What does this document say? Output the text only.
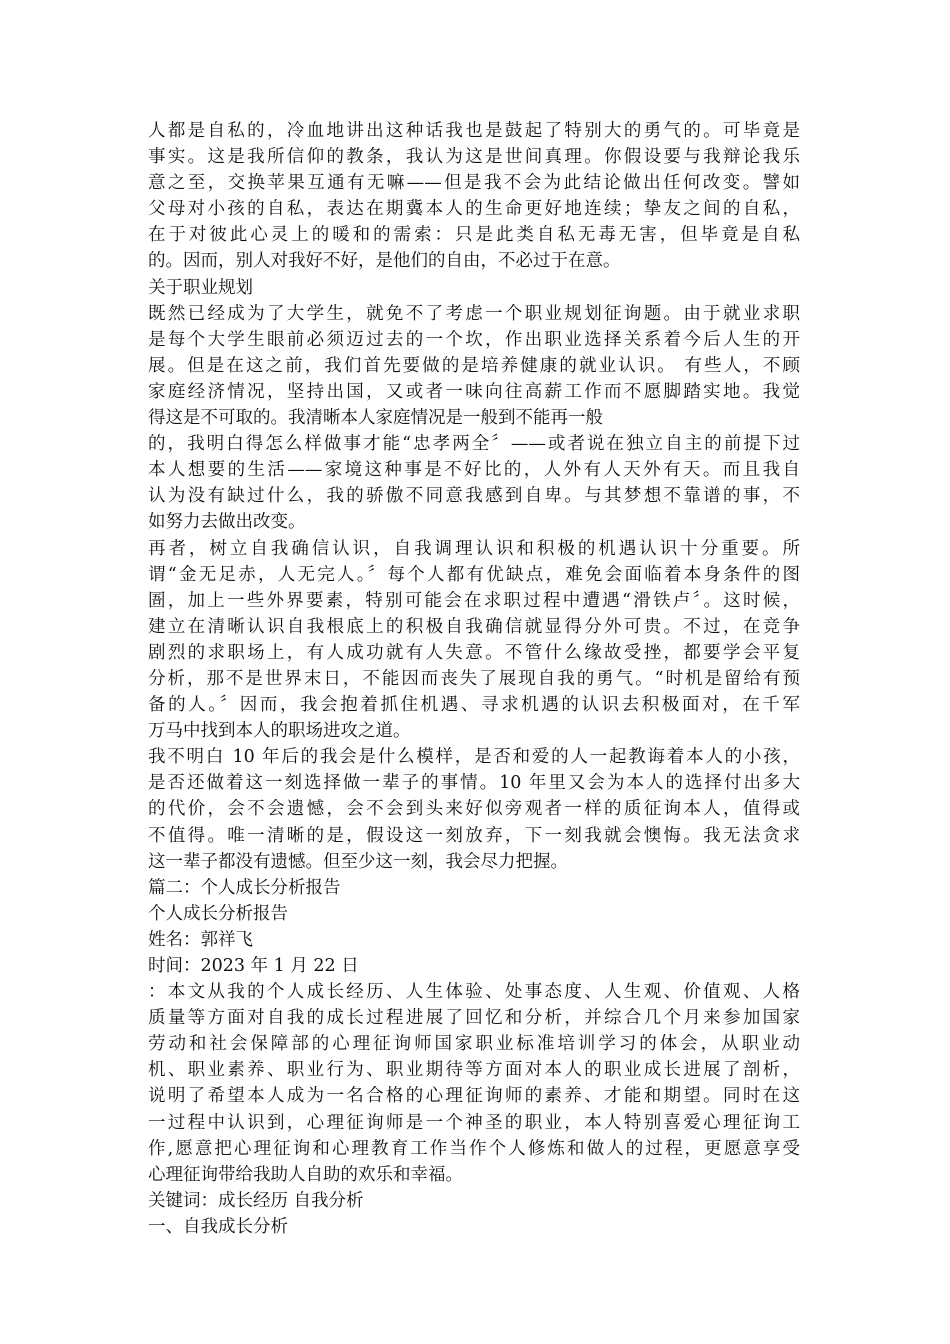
人都是自私的，冷血地讲出这种话我也是鼓起了特别大的勇气的。可毕竟是
事实。这是我所信仰的教条，我认为这是世间真理。你假设要与我辩论我乐
意之至，交换苹果互通有无嘛——但是我不会为此结论做出任何改变。譬如
父母对小孩的自私，表达在期冀本人的生命更好地连续；挚友之间的自私，
在于对彼此心灵上的暖和的需索：只是此类自私无毒无害，但毕竟是自私
的。因而，别人对我好不好，是他们的自由，不必过于在意。
关于职业规划
既然已经成为了大学生，就免不了考虑一个职业规划征询题。由于就业求职
是每个大学生眼前必须迈过去的一个坎，作出职业选择关系着今后人生的开
展。但是在这之前，我们首先要做的是培养健康的就业认识。 有些人，不顾
家庭经济情况，坚持出国，又或者一味向往高薪工作而不愿脚踏实地。我觉
得这是不可取的。我清晰本人家庭情况是一般到不能再一般
的，我明白得怎么样做事才能“忠孝两全〞——或者说在独立自主的前提下过
本人想要的生活——家境这种事是不好比的，人外有人天外有天。而且我自
认为没有缺过什么，我的骄傲不同意我感到自卑。与其梦想不靠谱的事，不
如努力去做出改变。
再者，树立自我确信认识，自我调理认识和积极的机遇认识十分重要。所
谓“金无足赤，人无完人。〞每个人都有优缺点，难免会面临着本身条件的图
圄，加上一些外界要素，特别可能会在求职过程中遭遇“滑铁卢〞。这时候，
建立在清晰认识自我根底上的积极自我确信就显得分外可贵。不过，在竞争
剧烈的求职场上，有人成功就有人失意。不管什么缘故受挫，都要学会平复
分析，那不是世界末日，不能因而丧失了展现自我的勇气。“时机是留给有预
备的人。〞因而，我会抱着抓住机遇、寻求机遇的认识去积极面对，在千军
万马中找到本人的职场进攻之道。
我不明白 10 年后的我会是什么模样，是否和爱的人一起教诲着本人的小孩，
是否还做着这一刻选择做一辈子的事情。10 年里又会为本人的选择付出多大
的代价，会不会遗憾，会不会到头来好似旁观者一样的质征询本人，值得或
不值得。唯一清晰的是，假设这一刻放弃，下一刻我就会懊悔。我无法贪求
这一辈子都没有遗憾。但至少这一刻，我会尽力把握。
篇二：个人成长分析报告
个人成长分析报告
姓名：郭祥飞
时间：2023 年 1 月 22 日
：本文从我的个人成长经历、人生体验、处事态度、人生观、价值观、人格
质量等方面对自我的成长过程进展了回忆和分析，并综合几个月来参加国家
劳动和社会保障部的心理征询师国家职业标准培训学习的体会，从职业动
机、职业素养、职业行为、职业期待等方面对本人的职业成长进展了剖析，
说明了希望本人成为一名合格的心理征询师的素养、才能和期望。同时在这
一过程中认识到，心理征询师是一个神圣的职业，本人特别喜爱心理征询工
作,愿意把心理征询和心理教育工作当作个人修炼和做人的过程，更愿意享受
心理征询带给我助人自助的欢乐和幸福。
关键词：成长经历 自我分析
一、自我成长分析
